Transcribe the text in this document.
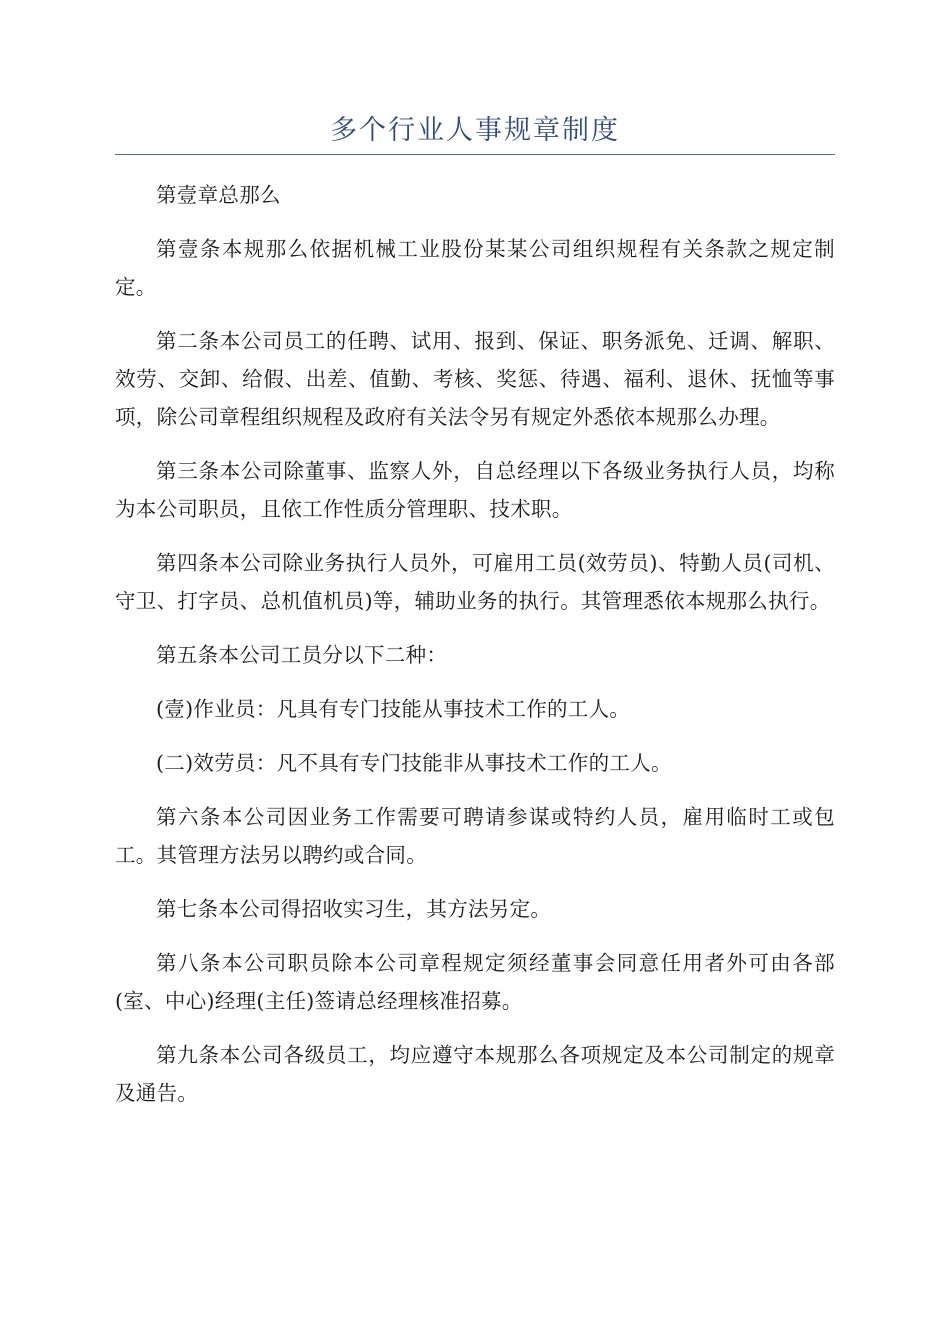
多个行业人事规章制度

第壹章总那么

第壹条本规那么依据机械工业股份某某公司组织规程有关条款之规定制定。

第二条本公司员工的任聘、试用、报到、保证、职务派免、迁调、解职、效劳、交卸、给假、出差、值勤、考核、奖惩、待遇、福利、退休、抚恤等事项，除公司章程组织规程及政府有关法令另有规定外悉依本规那么办理。

第三条本公司除董事、监察人外，自总经理以下各级业务执行人员，均称为本公司职员，且依工作性质分管理职、技术职。

第四条本公司除业务执行人员外，可雇用工员(效劳员)、特勤人员(司机、守卫、打字员、总机值机员)等，辅助业务的执行。其管理悉依本规那么执行。

第五条本公司工员分以下二种：

(壹)作业员：凡具有专门技能从事技术工作的工人。

(二)效劳员：凡不具有专门技能非从事技术工作的工人。

第六条本公司因业务工作需要可聘请参谋或特约人员，雇用临时工或包工。其管理方法另以聘约或合同。

第七条本公司得招收实习生，其方法另定。

第八条本公司职员除本公司章程规定须经董事会同意任用者外可由各部(室、中心)经理(主任)签请总经理核准招募。

第九条本公司各级员工，均应遵守本规那么各项规定及本公司制定的规章及通告。
